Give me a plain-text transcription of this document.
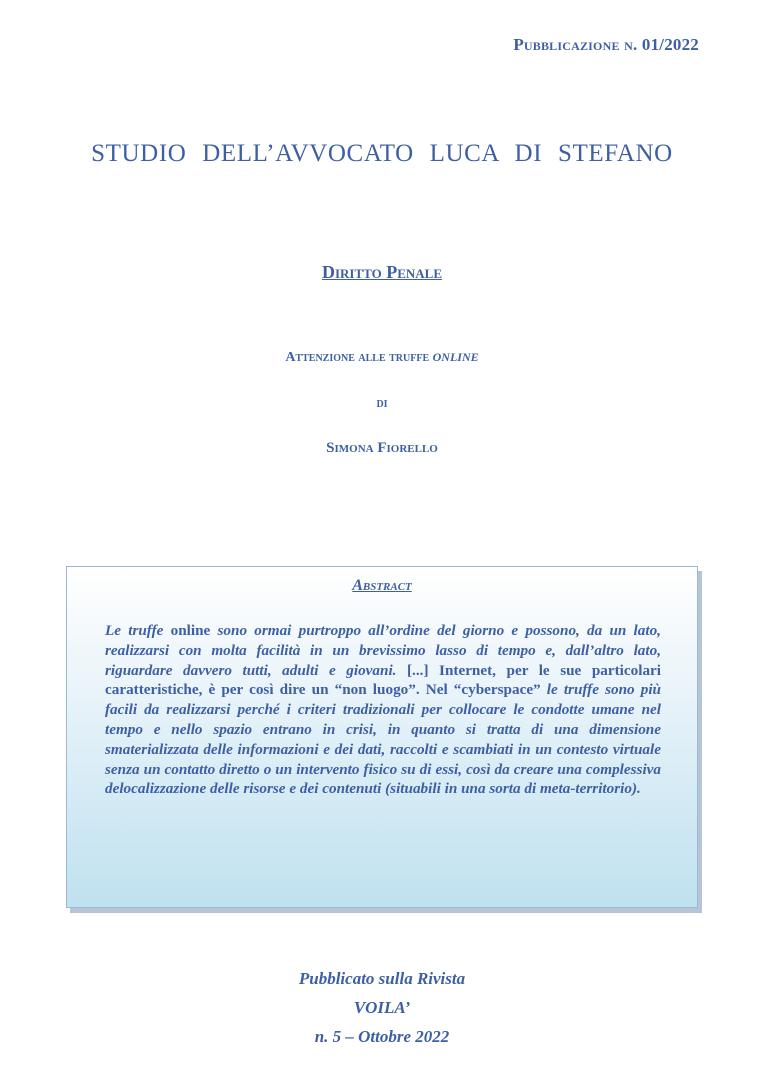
Pubblicazione n. 01/2022
STUDIO DELL’AVVOCATO LUCA DI STEFANO
Diritto Penale
Attenzione alle truffe ONLINE
di
Simona Fiorello
Abstract

Le truffe online sono ormai purtroppo all’ordine del giorno e possono, da un lato, realizzarsi con molta facilità in un brevissimo lasso di tempo e, dall’altro lato, riguardare davvero tutti, adulti e giovani. [...] Internet, per le sue particolari caratteristiche, è per così dire un “non luogo”. Nel “cyberspace” le truffe sono più facili da realizzarsi perché i criteri tradizionali per collocare le condotte umane nel tempo e nello spazio entrano in crisi, in quanto si tratta di una dimensione smaterializzata delle informazioni e dei dati, raccolti e scambiati in un contesto virtuale senza un contatto diretto o un intervento fisico su di essi, così da creare una complessiva delocalizzazione delle risorse e dei contenuti (situabili in una sorta di meta-territorio).

Pubblicato sulla Rivista
VOILA’
n. 5 – Ottobre 2022
